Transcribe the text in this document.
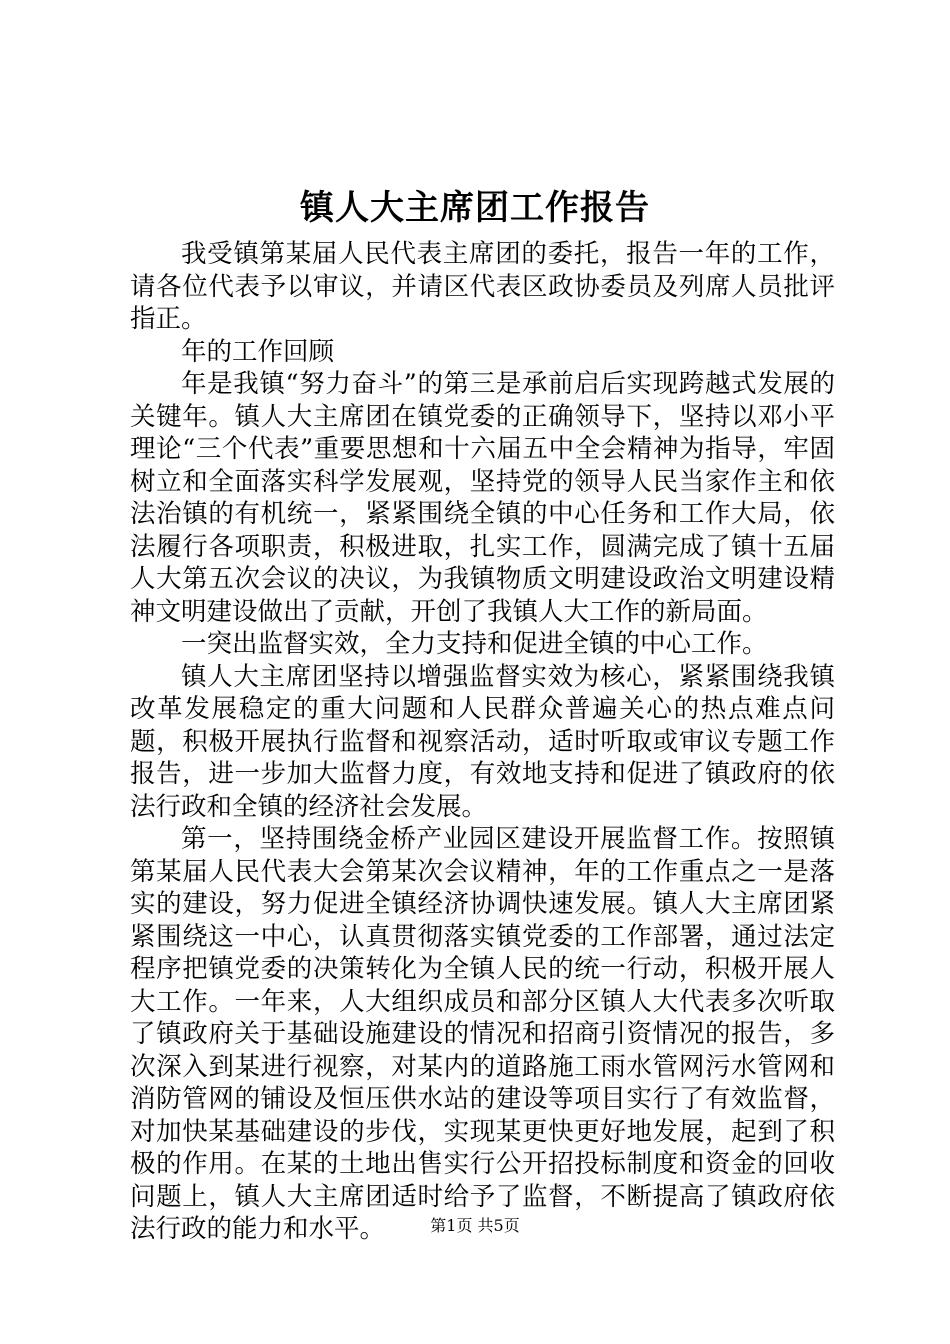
镇人大主席团工作报告

我受镇第某届人民代表主席团的委托，报告一年的工作，请各位代表予以审议，并请区代表区政协委员及列席人员批评指正。

年的工作回顾

年是我镇“努力奋斗”的第三是承前启后实现跨越式发展的关键年。镇人大主席团在镇党委的正确领导下，坚持以邓小平理论“三个代表”重要思想和十六届五中全会精神为指导，牢固树立和全面落实科学发展观，坚持党的领导人民当家作主和依法治镇的有机统一，紧紧围绕全镇的中心任务和工作大局，依法履行各项职责，积极进取，扎实工作，圆满完成了镇十五届人大第五次会议的决议，为我镇物质文明建设政治文明建设精神文明建设做出了贡献，开创了我镇人大工作的新局面。

一突出监督实效，全力支持和促进全镇的中心工作。

镇人大主席团坚持以增强监督实效为核心，紧紧围绕我镇改革发展稳定的重大问题和人民群众普遍关心的热点难点问题，积极开展执行监督和视察活动，适时听取或审议专题工作报告，进一步加大监督力度，有效地支持和促进了镇政府的依法行政和全镇的经济社会发展。

第一，坚持围绕金桥产业园区建设开展监督工作。按照镇第某届人民代表大会第某次会议精神，年的工作重点之一是落实的建设，努力促进全镇经济协调快速发展。镇人大主席团紧紧围绕这一中心，认真贯彻落实镇党委的工作部署，通过法定程序把镇党委的决策转化为全镇人民的统一行动，积极开展人大工作。一年来，人大组织成员和部分区镇人大代表多次听取了镇政府关于基础设施建设的情况和招商引资情况的报告，多次深入到某进行视察，对某内的道路施工雨水管网污水管网和消防管网的铺设及恒压供水站的建设等项目实行了有效监督，对加快某基础建设的步伐，实现某更快更好地发展，起到了积极的作用。在某的土地出售实行公开招投标制度和资金的回收问题上，镇人大主席团适时给予了监督，不断提高了镇政府依法行政的能力和水平。	第1页 共5页
